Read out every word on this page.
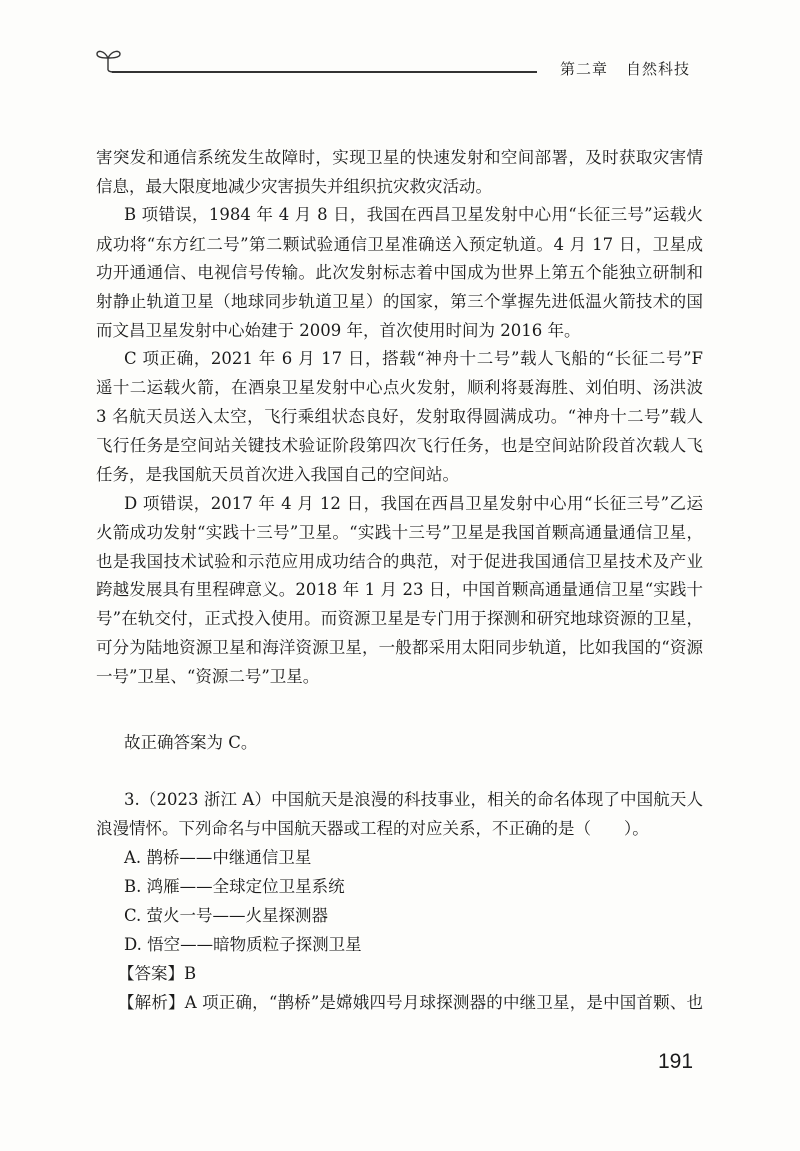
第二章 自然科技
害突发和通信系统发生故障时，实现卫星的快速发射和空间部署，及时获取灾害情
信息，最大限度地减少灾害损失并组织抗灾救灾活动。
B 项错误，1984 年 4 月 8 日，我国在西昌卫星发射中心用“长征三号”运载火
成功将“东方红二号”第二颗试验通信卫星准确送入预定轨道。4 月 17 日，卫星成
功开通通信、电视信号传输。此次发射标志着中国成为世界上第五个能独立研制和
射静止轨道卫星（地球同步轨道卫星）的国家，第三个掌握先进低温火箭技术的国
而文昌卫星发射中心始建于 2009 年，首次使用时间为 2016 年。
C 项正确，2021 年 6 月 17 日，搭载“神舟十二号”载人飞船的“长征二号”F
遥十二运载火箭，在酒泉卫星发射中心点火发射，顺利将聂海胜、刘伯明、汤洪波
3 名航天员送入太空，飞行乘组状态良好，发射取得圆满成功。“神舟十二号”载人
飞行任务是空间站关键技术验证阶段第四次飞行任务，也是空间站阶段首次载人飞
任务，是我国航天员首次进入我国自己的空间站。
D 项错误，2017 年 4 月 12 日，我国在西昌卫星发射中心用“长征三号”乙运
火箭成功发射“实践十三号”卫星。“实践十三号”卫星是我国首颗高通量通信卫星，
也是我国技术试验和示范应用成功结合的典范，对于促进我国通信卫星技术及产业
跨越发展具有里程碑意义。2018 年 1 月 23 日，中国首颗高通量通信卫星“实践十
号”在轨交付，正式投入使用。而资源卫星是专门用于探测和研究地球资源的卫星，
可分为陆地资源卫星和海洋资源卫星，一般都采用太阳同步轨道，比如我国的“资源
一号”卫星、“资源二号”卫星。
故正确答案为 C。
3.（2023 浙江 A）中国航天是浪漫的科技事业，相关的命名体现了中国航天人
浪漫情怀。下列命名与中国航天器或工程的对应关系，不正确的是（　　）。
A. 鹊桥——中继通信卫星
B. 鸿雁——全球定位卫星系统
C. 萤火一号——火星探测器
D. 悟空——暗物质粒子探测卫星
【答案】B
【解析】A 项正确，“鹊桥”是嫦娥四号月球探测器的中继卫星，是中国首颗、也
191
